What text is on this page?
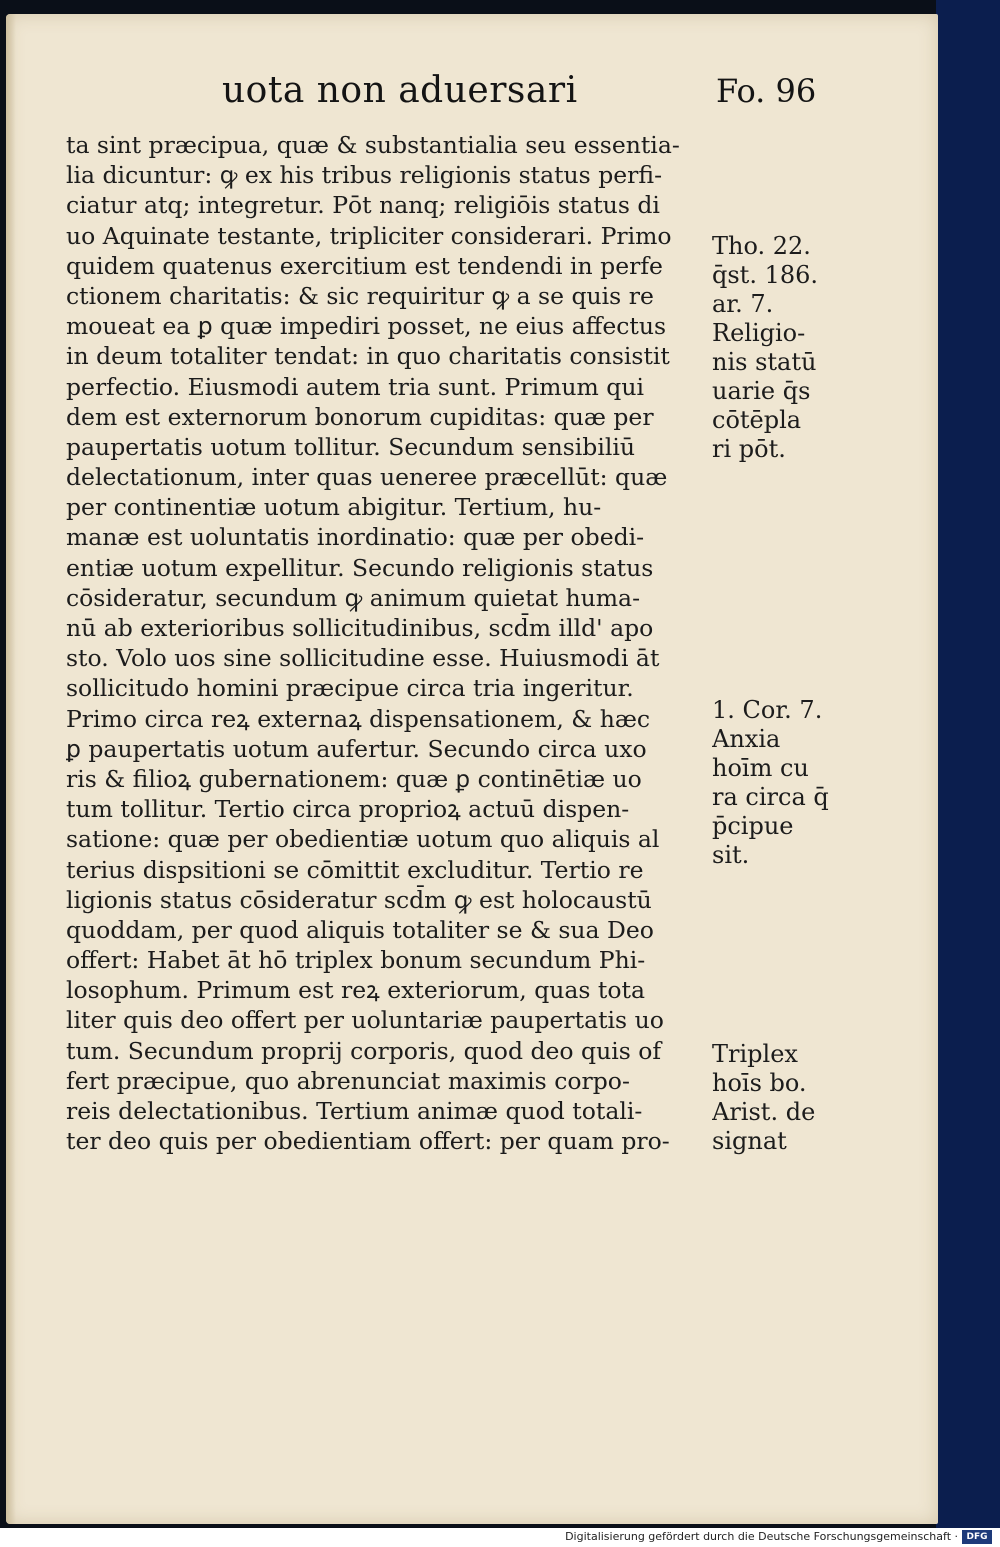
uota non aduersari	Fo. 96
ta sint præcipua, quæ & substantialia seu essentia-
lia dicuntur: ꝙ ex his tribus religionis status perfi-
ciatur atq; integretur. Pōt nanq; religiōis status di
uo Aquinate testante, tripliciter considerari. Primo
quidem quatenus exercitium est tendendi in perfe
ctionem charitatis: & sic requiritur ꝙ a se quis re
moueat ea ꝑ quæ impediri posset, ne eius affectus
in deum totaliter tendat: in quo charitatis consistit
perfectio. Eiusmodi autem tria sunt. Primum qui
dem est externorum bonorum cupiditas: quæ per
paupertatis uotum tollitur. Secundum sensibiliū
delectationum, inter quas ueneree præcellūt: quæ
per continentiæ uotum abigitur. Tertium, hu-
manæ est uoluntatis inordinatio: quæ per obedi-
entiæ uotum expellitur. Secundo religionis status
cōsideratur, secundum ꝙ animum quietat huma-
nū ab exterioribus sollicitudinibus, scd̄m illd' apo
sto. Volo uos sine sollicitudine esse. Huiusmodi āt
sollicitudo homini præcipue circa tria ingeritur.
Primo circa reꝝ externaꝝ dispensationem, & hæc
ꝑ paupertatis uotum aufertur. Secundo circa uxo
ris & filioꝝ gubernationem: quæ ꝑ continētiæ uo
tum tollitur. Tertio circa proprioꝝ actuū dispen-
satione: quæ per obedientiæ uotum quo aliquis al
terius dispsitioni se cōmittit excluditur. Tertio re
ligionis status cōsideratur scd̄m ꝙ est holocaustū
quoddam, per quod aliquis totaliter se & sua Deo
offert: Habet āt hō triplex bonum secundum Phi-
losophum. Primum est reꝝ exteriorum, quas tota
liter quis deo offert per uoluntariæ paupertatis uo
tum. Secundum proprij corporis, quod deo quis of
fert præcipue, quo abrenunciat maximis corpo-
reis delectationibus. Tertium animæ quod totali-
ter deo quis per obedientiam offert: per quam pro-
Tho. 22.
q̄st. 186.
ar. 7.
Religio-
nis statū
uarie q̄s
cōtēpla
ri pōt.
1. Cor. 7.
Anxia
hoīm cu
ra circa q̄
p̄cipue
sit.
Triplex
hoīs bo.
Arist. de
signat
Digitalisierung gefördert durch die Deutsche Forschungsgemeinschaft · DFG
